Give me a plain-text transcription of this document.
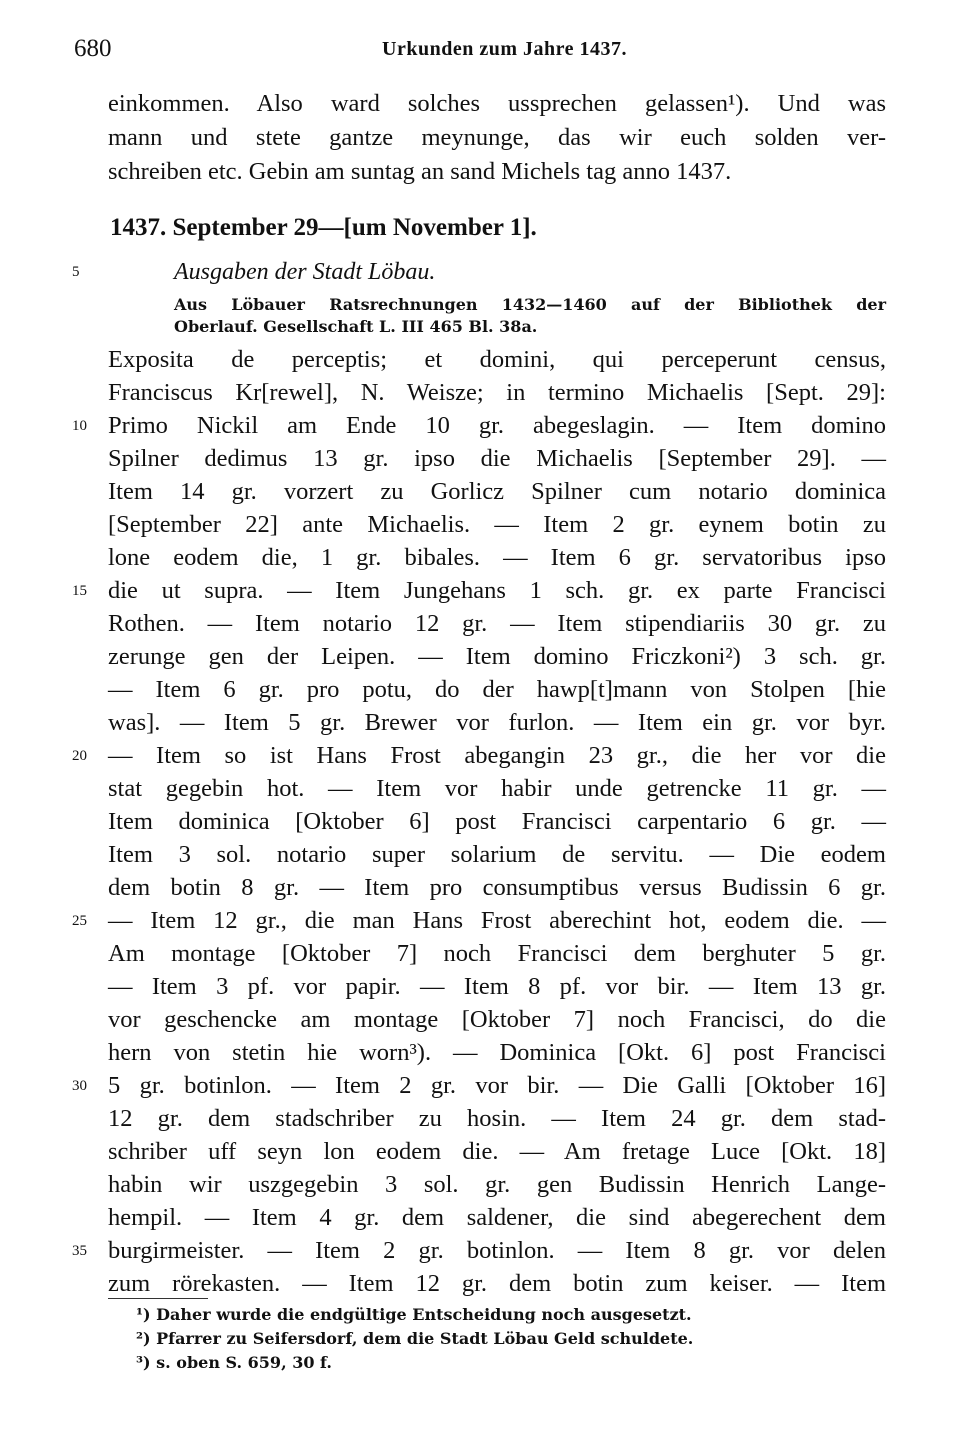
680	Urkunden zum Jahre 1437.
einkommen. Also ward solches ussprechen gelassen¹). Und was
mann und stete gantze meynunge, das wir euch solden ver-
schreiben etc. Gebin am suntag an sand Michels tag anno 1437.
1437. September 29—[um November 1].
5	Ausgaben der Stadt Löbau.
Aus Löbauer Ratsrechnungen 1432—1460 auf der Bibliothek der
Oberlauf. Gesellschaft L. III 465 Bl. 38a.
Exposita de perceptis; et domini, qui perceperunt census,
Franciscus Kr[rewel], N. Weisze; in termino Michaelis [Sept. 29]:
10 Primo Nickil am Ende 10 gr. abegeslagin. — Item domino
Spilner dedimus 13 gr. ipso die Michaelis [September 29]. —
Item 14 gr. vorzert zu Gorlicz Spilner cum notario dominica
[September 22] ante Michaelis. — Item 2 gr. eynem botin zu
lone eodem die, 1 gr. bibales. — Item 6 gr. servatoribus ipso
15 die ut supra. — Item Jungehans 1 sch. gr. ex parte Francisci
Rothen. — Item notario 12 gr. — Item stipendiariis 30 gr. zu
zerunge gen der Leipen. — Item domino Friczkoni²) 3 sch. gr.
— Item 6 gr. pro potu, do der hawp[t]mann von Stolpen [hie
was]. — Item 5 gr. Brewer vor furlon. — Item ein gr. vor byr.
20 — Item so ist Hans Frost abegangin 23 gr., die her vor die
stat gegebin hot. — Item vor habir unde getrencke 11 gr. —
Item dominica [Oktober 6] post Francisci carpentario 6 gr. —
Item 3 sol. notario super solarium de servitu. — Die eodem
dem botin 8 gr. — Item pro consumptibus versus Budissin 6 gr.
25 — Item 12 gr., die man Hans Frost aberechint hot, eodem die. —
Am montage [Oktober 7] noch Francisci dem berghuter 5 gr.
— Item 3 pf. vor papir. — Item 8 pf. vor bir. — Item 13 gr.
vor geschencke am montage [Oktober 7] noch Francisci, do die
hern von stetin hie worn³). — Dominica [Okt. 6] post Francisci
30 5 gr. botinlon. — Item 2 gr. vor bir. — Die Galli [Oktober 16]
12 gr. dem stadschriber zu hosin. — Item 24 gr. dem stad-
schriber uff seyn lon eodem die. — Am fretage Luce [Okt. 18]
habin wir uszgegebin 3 sol. gr. gen Budissin Henrich Lange-
hempil. — Item 4 gr. dem saldener, die sind abegerechent dem
35 burgirmeister. — Item 2 gr. botinlon. — Item 8 gr. vor delen
zum rörekasten. — Item 12 gr. dem botin zum keiser. — Item
¹) Daher wurde die endgültige Entscheidung noch ausgesetzt.
²) Pfarrer zu Seifersdorf, dem die Stadt Löbau Geld schuldete.
³) s. oben S. 659, 30 f.
